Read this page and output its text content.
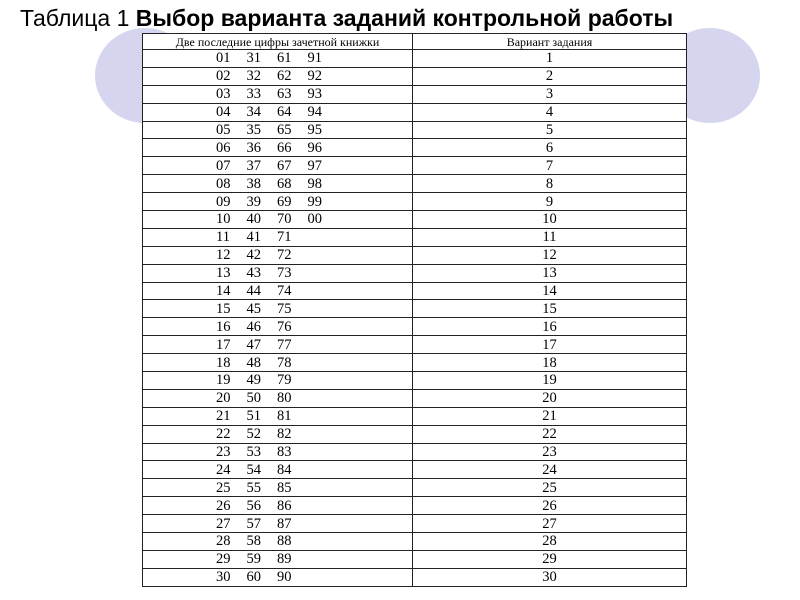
Таблица 1 Выбор варианта заданий контрольной работы
Две последние цифры зачетной книжки	Вариант задания
01 31 61 91	1
02 32 62 92	2
03 33 63 93	3
04 34 64 94	4
05 35 65 95	5
06 36 66 96	6
07 37 67 97	7
08 38 68 98	8
09 39 69 99	9
10 40 70 00	10
11 41 71	11
12 42 72	12
13 43 73	13
14 44 74	14
15 45 75	15
16 46 76	16
17 47 77	17
18 48 78	18
19 49 79	19
20 50 80	20
21 51 81	21
22 52 82	22
23 53 83	23
24 54 84	24
25 55 85	25
26 56 86	26
27 57 87	27
28 58 88	28
29 59 89	29
30 60 90	30
